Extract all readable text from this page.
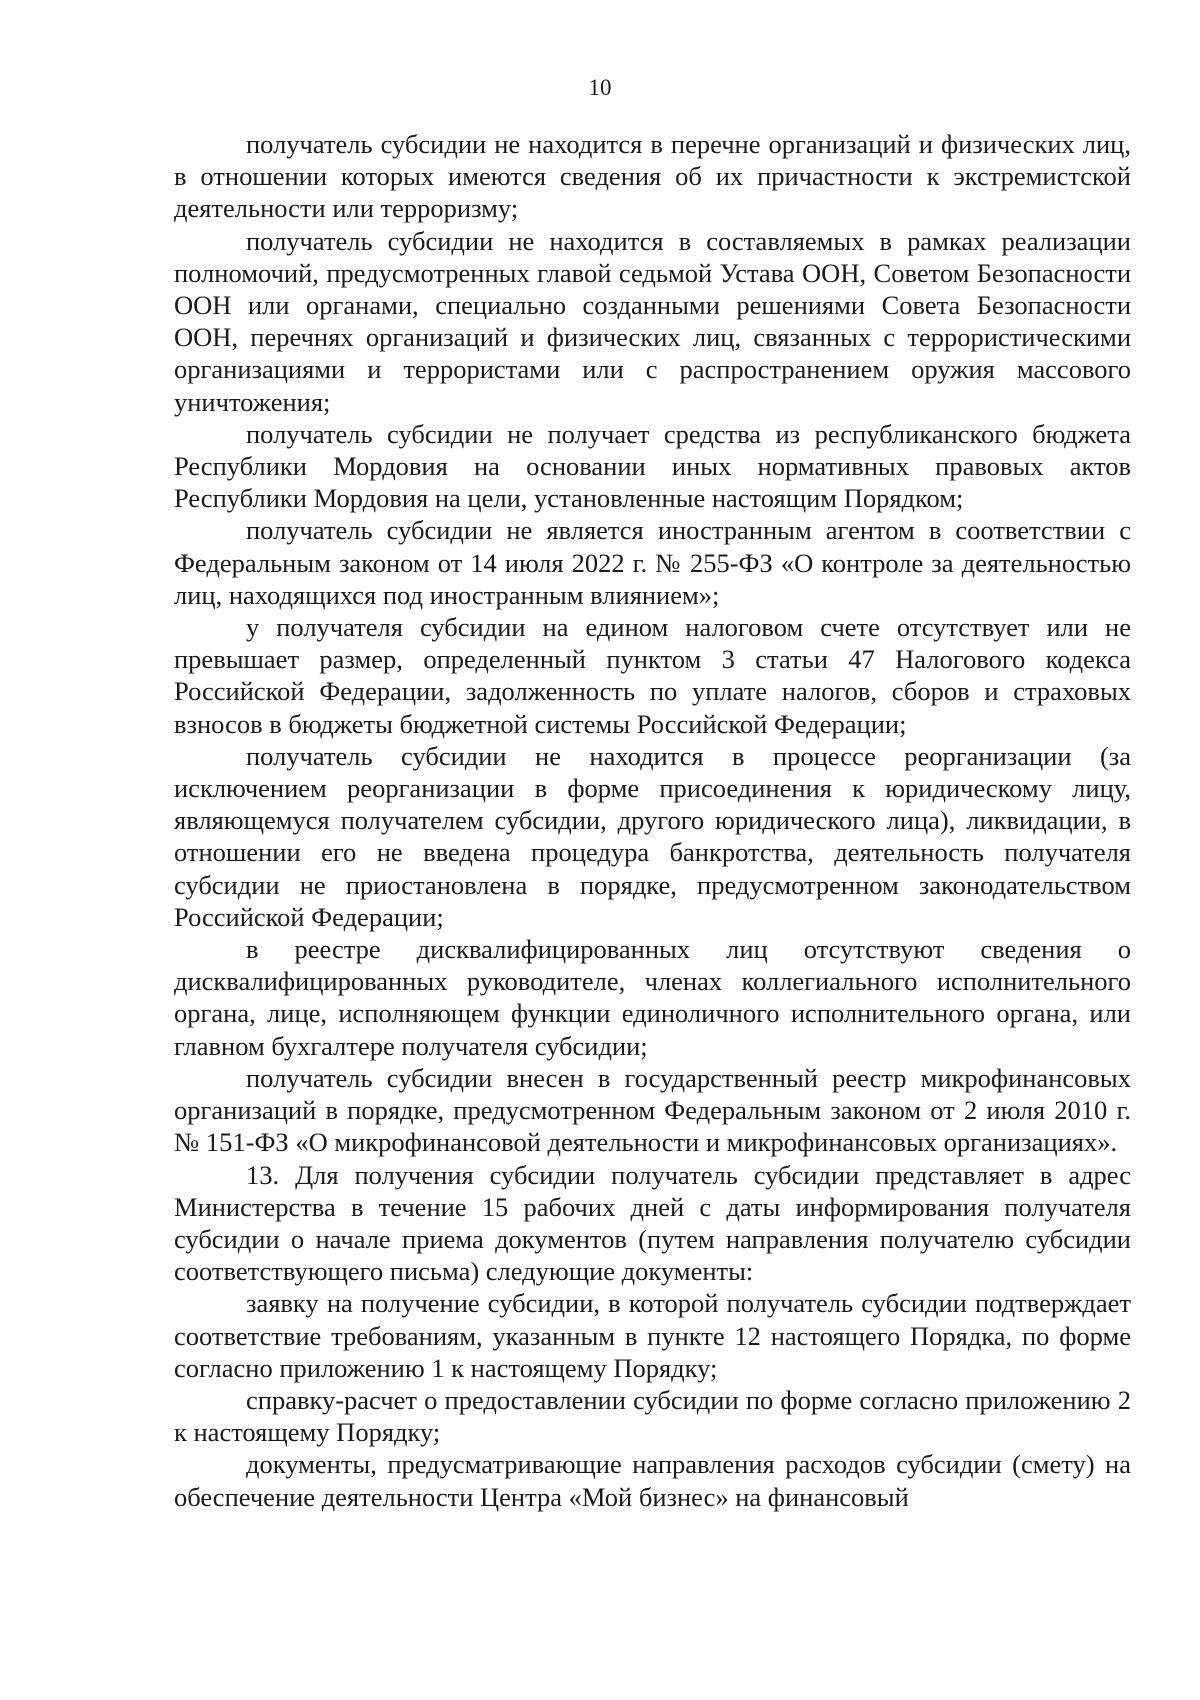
10

получатель субсидии не находится в перечне организаций и физических лиц, в отношении которых имеются сведения об их причастности к экстремистской деятельности или терроризму;

получатель субсидии не находится в составляемых в рамках реализации полномочий, предусмотренных главой седьмой Устава ООН, Советом Безопасности ООН или органами, специально созданными решениями Совета Безопасности ООН, перечнях организаций и физических лиц, связанных с террористическими организациями и террористами или с распространением оружия массового уничтожения;

получатель субсидии не получает средства из республиканского бюджета Республики Мордовия на основании иных нормативных правовых актов Республики Мордовия на цели, установленные настоящим Порядком;

получатель субсидии не является иностранным агентом в соответствии с Федеральным законом от 14 июля 2022 г. № 255-ФЗ «О контроле за деятельностью лиц, находящихся под иностранным влиянием»;

у получателя субсидии на едином налоговом счете отсутствует или не превышает размер, определенный пунктом 3 статьи 47 Налогового кодекса Российской Федерации, задолженность по уплате налогов, сборов и страховых взносов в бюджеты бюджетной системы Российской Федерации;

получатель субсидии не находится в процессе реорганизации (за исключением реорганизации в форме присоединения к юридическому лицу, являющемуся получателем субсидии, другого юридического лица), ликвидации, в отношении его не введена процедура банкротства, деятельность получателя субсидии не приостановлена в порядке, предусмотренном законодательством Российской Федерации;

в реестре дисквалифицированных лиц отсутствуют сведения о дисквалифицированных руководителе, членах коллегиального исполнительного органа, лице, исполняющем функции единоличного исполнительного органа, или главном бухгалтере получателя субсидии;

получатель субсидии внесен в государственный реестр микрофинансовых организаций в порядке, предусмотренном Федеральным законом от 2 июля 2010 г. № 151-ФЗ «О микрофинансовой деятельности и микрофинансовых организациях».

13. Для получения субсидии получатель субсидии представляет в адрес Министерства в течение 15 рабочих дней с даты информирования получателя субсидии о начале приема документов (путем направления получателю субсидии соответствующего письма) следующие документы:

заявку на получение субсидии, в которой получатель субсидии подтверждает соответствие требованиям, указанным в пункте 12 настоящего Порядка, по форме согласно приложению 1 к настоящему Порядку;

справку-расчет о предоставлении субсидии по форме согласно приложению 2 к настоящему Порядку;

документы, предусматривающие направления расходов субсидии (смету) на обеспечение деятельности Центра «Мой бизнес» на финансовый
